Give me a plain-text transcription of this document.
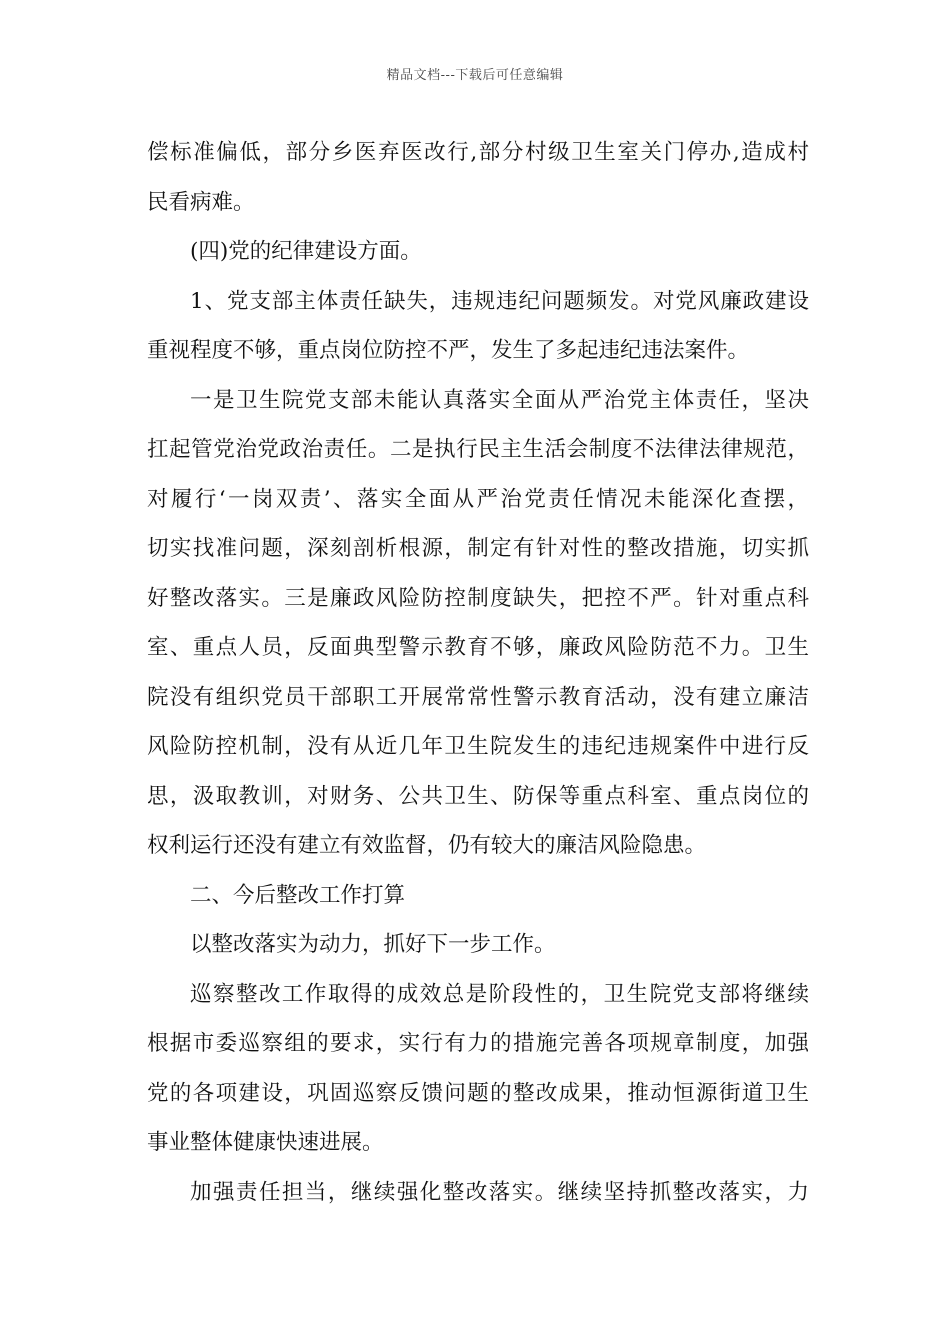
精品文档---下载后可任意编辑
偿标准偏低，部分乡医弃医改行,部分村级卫生室关门停办,造成村
民看病难。
(四)党的纪律建设方面。
1、党支部主体责任缺失，违规违纪问题频发。对党风廉政建设
重视程度不够，重点岗位防控不严，发生了多起违纪违法案件。
一是卫生院党支部未能认真落实全面从严治党主体责任，坚决
扛起管党治党政治责任。二是执行民主生活会制度不法律法律规范，
对履行‘一岗双责’、落实全面从严治党责任情况未能深化查摆，
切实找准问题，深刻剖析根源，制定有针对性的整改措施，切实抓
好整改落实。三是廉政风险防控制度缺失，把控不严。针对重点科
室、重点人员，反面典型警示教育不够，廉政风险防范不力。卫生
院没有组织党员干部职工开展常常性警示教育活动，没有建立廉洁
风险防控机制，没有从近几年卫生院发生的违纪违规案件中进行反
思，汲取教训，对财务、公共卫生、防保等重点科室、重点岗位的
权利运行还没有建立有效监督，仍有较大的廉洁风险隐患。
二、今后整改工作打算
以整改落实为动力，抓好下一步工作。
巡察整改工作取得的成效总是阶段性的，卫生院党支部将继续
根据市委巡察组的要求，实行有力的措施完善各项规章制度，加强
党的各项建设，巩固巡察反馈问题的整改成果，推动恒源街道卫生
事业整体健康快速进展。
加强责任担当，继续强化整改落实。继续坚持抓整改落实，力
